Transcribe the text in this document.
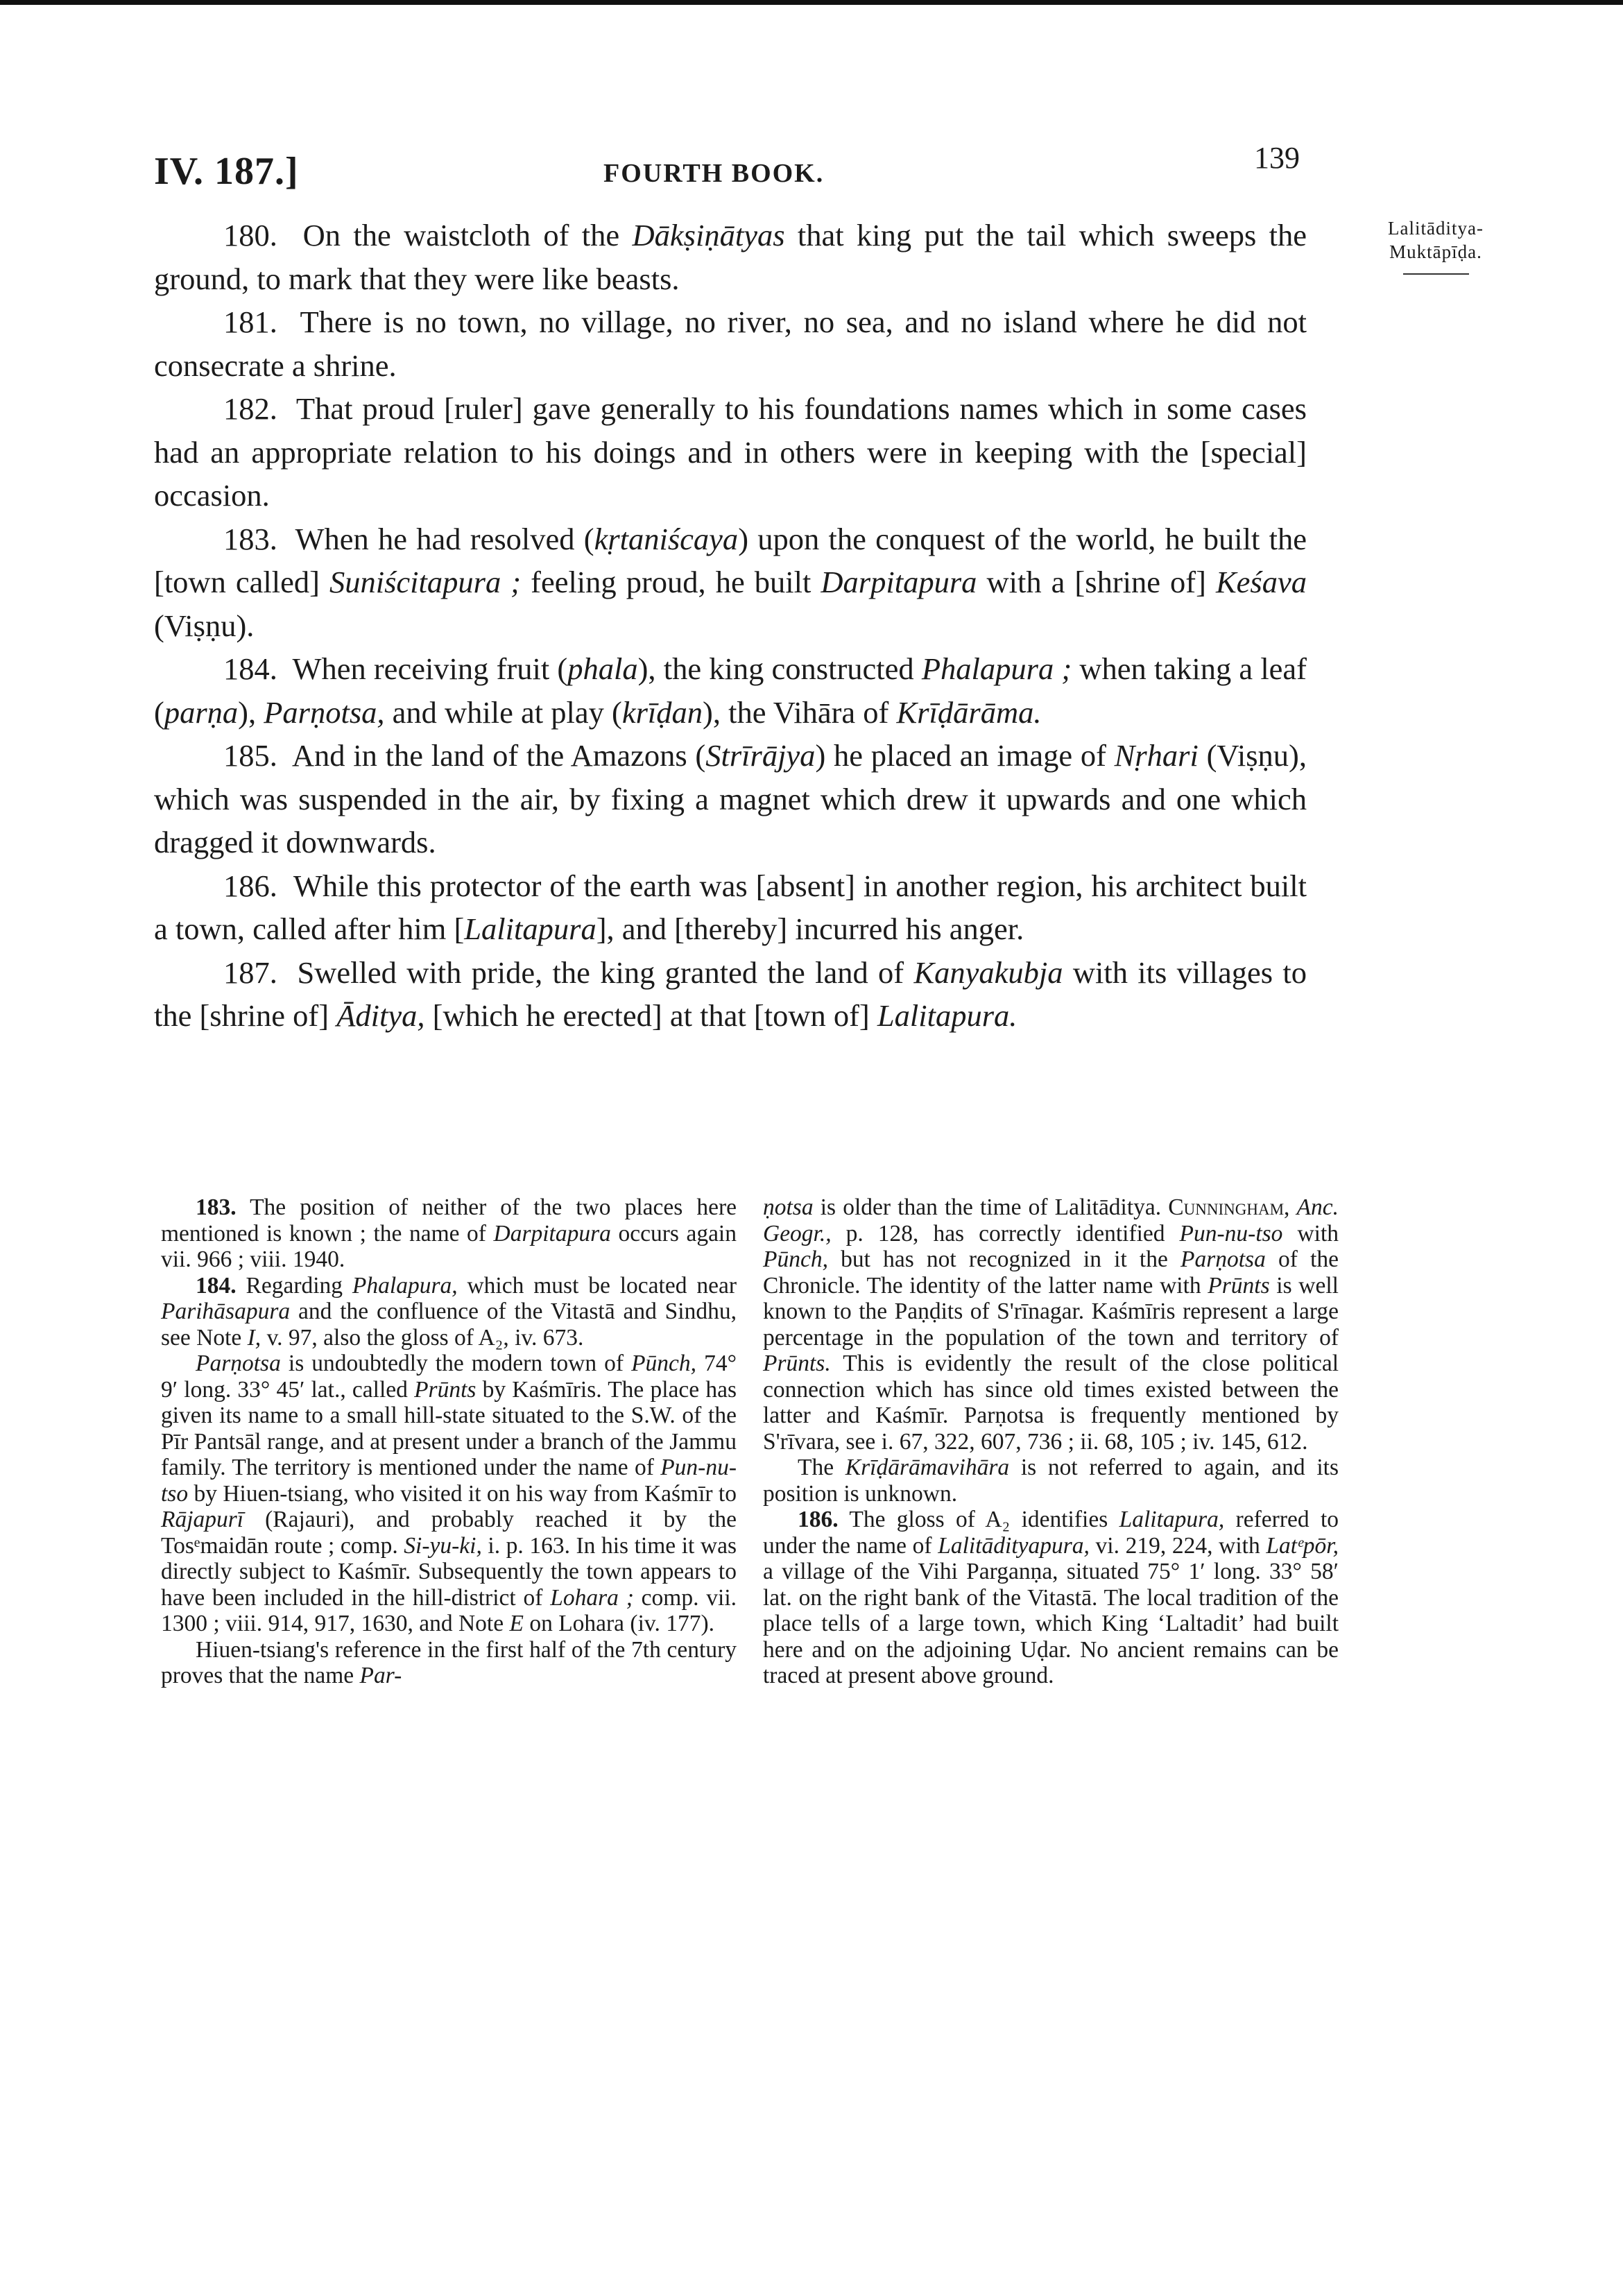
IV. 187.]	FOURTH BOOK.	139
Lalitāditya-
Muktāpīḍa.

180. On the waistcloth of the Dākṣiṇātyas that king put the tail which sweeps the ground, to mark that they were like beasts.

181. There is no town, no village, no river, no sea, and no island where he did not consecrate a shrine.

182. That proud [ruler] gave generally to his foundations names which in some cases had an appropriate relation to his doings and in others were in keeping with the [special] occasion.

183. When he had resolved (kṛtaniścaya) upon the conquest of the world, he built the [town called] Suniścitapura ; feeling proud, he built Darpitapura with a [shrine of] Keśava (Viṣṇu).

184. When receiving fruit (phala), the king constructed Phalapura ; when taking a leaf (parṇa), Parṇotsa, and while at play (krīḍan), the Vihāra of Krīḍārāma.

185. And in the land of the Amazons (Strīrājya) he placed an image of Nṛhari (Viṣṇu), which was suspended in the air, by fixing a magnet which drew it upwards and one which dragged it downwards.

186. While this protector of the earth was [absent] in another region, his architect built a town, called after him [Lalitapura], and [thereby] incurred his anger.

187. Swelled with pride, the king granted the land of Kanyakubja with its villages to the [shrine of] Āditya, [which he erected] at that [town of] Lalitapura.

183. The position of neither of the two places here mentioned is known ; the name of Darpitapura occurs again vii. 966 ; viii. 1940.

184. Regarding Phalapura, which must be located near Parihāsapura and the confluence of the Vitastā and Sindhu, see Note I, v. 97, also the gloss of A₂, iv. 673.

Parṇotsa is undoubtedly the modern town of Pūnch, 74° 9′ long. 33° 45′ lat., called Prūnts by Kaśmīris. The place has given its name to a small hill-state situated to the S.W. of the Pīr Pantsāl range, and at present under a branch of the Jammu family. The territory is mentioned under the name of Pun-nu-tso by Hiuen-tsiang, who visited it on his way from Kaśmīr to Rājapurī (Rajauri), and probably reached it by the Tosᵉmaidān route ; comp. Si-yu-ki, i. p. 163. In his time it was directly subject to Kaśmīr. Subsequently the town appears to have been included in the hill-district of Lohara ; comp. vii. 1300 ; viii. 914, 917, 1630, and Note E on Lohara (iv. 177).

Hiuen-tsiang's reference in the first half of the 7th century proves that the name Par-

ṇotsa is older than the time of Lalitāditya. Cunningham, Anc. Geogr., p. 128, has correctly identified Pun-nu-tso with Pūnch, but has not recognized in it the Parṇotsa of the Chronicle. The identity of the latter name with Prūnts is well known to the Paṇḍits of S'rīnagar. Kaśmīris represent a large percentage in the population of the town and territory of Prūnts. This is evidently the result of the close political connection which has since old times existed between the latter and Kaśmīr. Parṇotsa is frequently mentioned by S'rīvara, see i. 67, 322, 607, 736 ; ii. 68, 105 ; iv. 145, 612.

The Krīḍārāmavihāra is not referred to again, and its position is unknown.

186. The gloss of A₂ identifies Lalitapura, referred to under the name of Lalitādityapura, vi. 219, 224, with Latᵉpōr, a village of the Vihi Parganṇa, situated 75° 1′ long. 33° 58′ lat. on the right bank of the Vitastā. The local tradition of the place tells of a large town, which King ‘Laltadit’ had built here and on the adjoining Uḍar. No ancient remains can be traced at present above ground.
